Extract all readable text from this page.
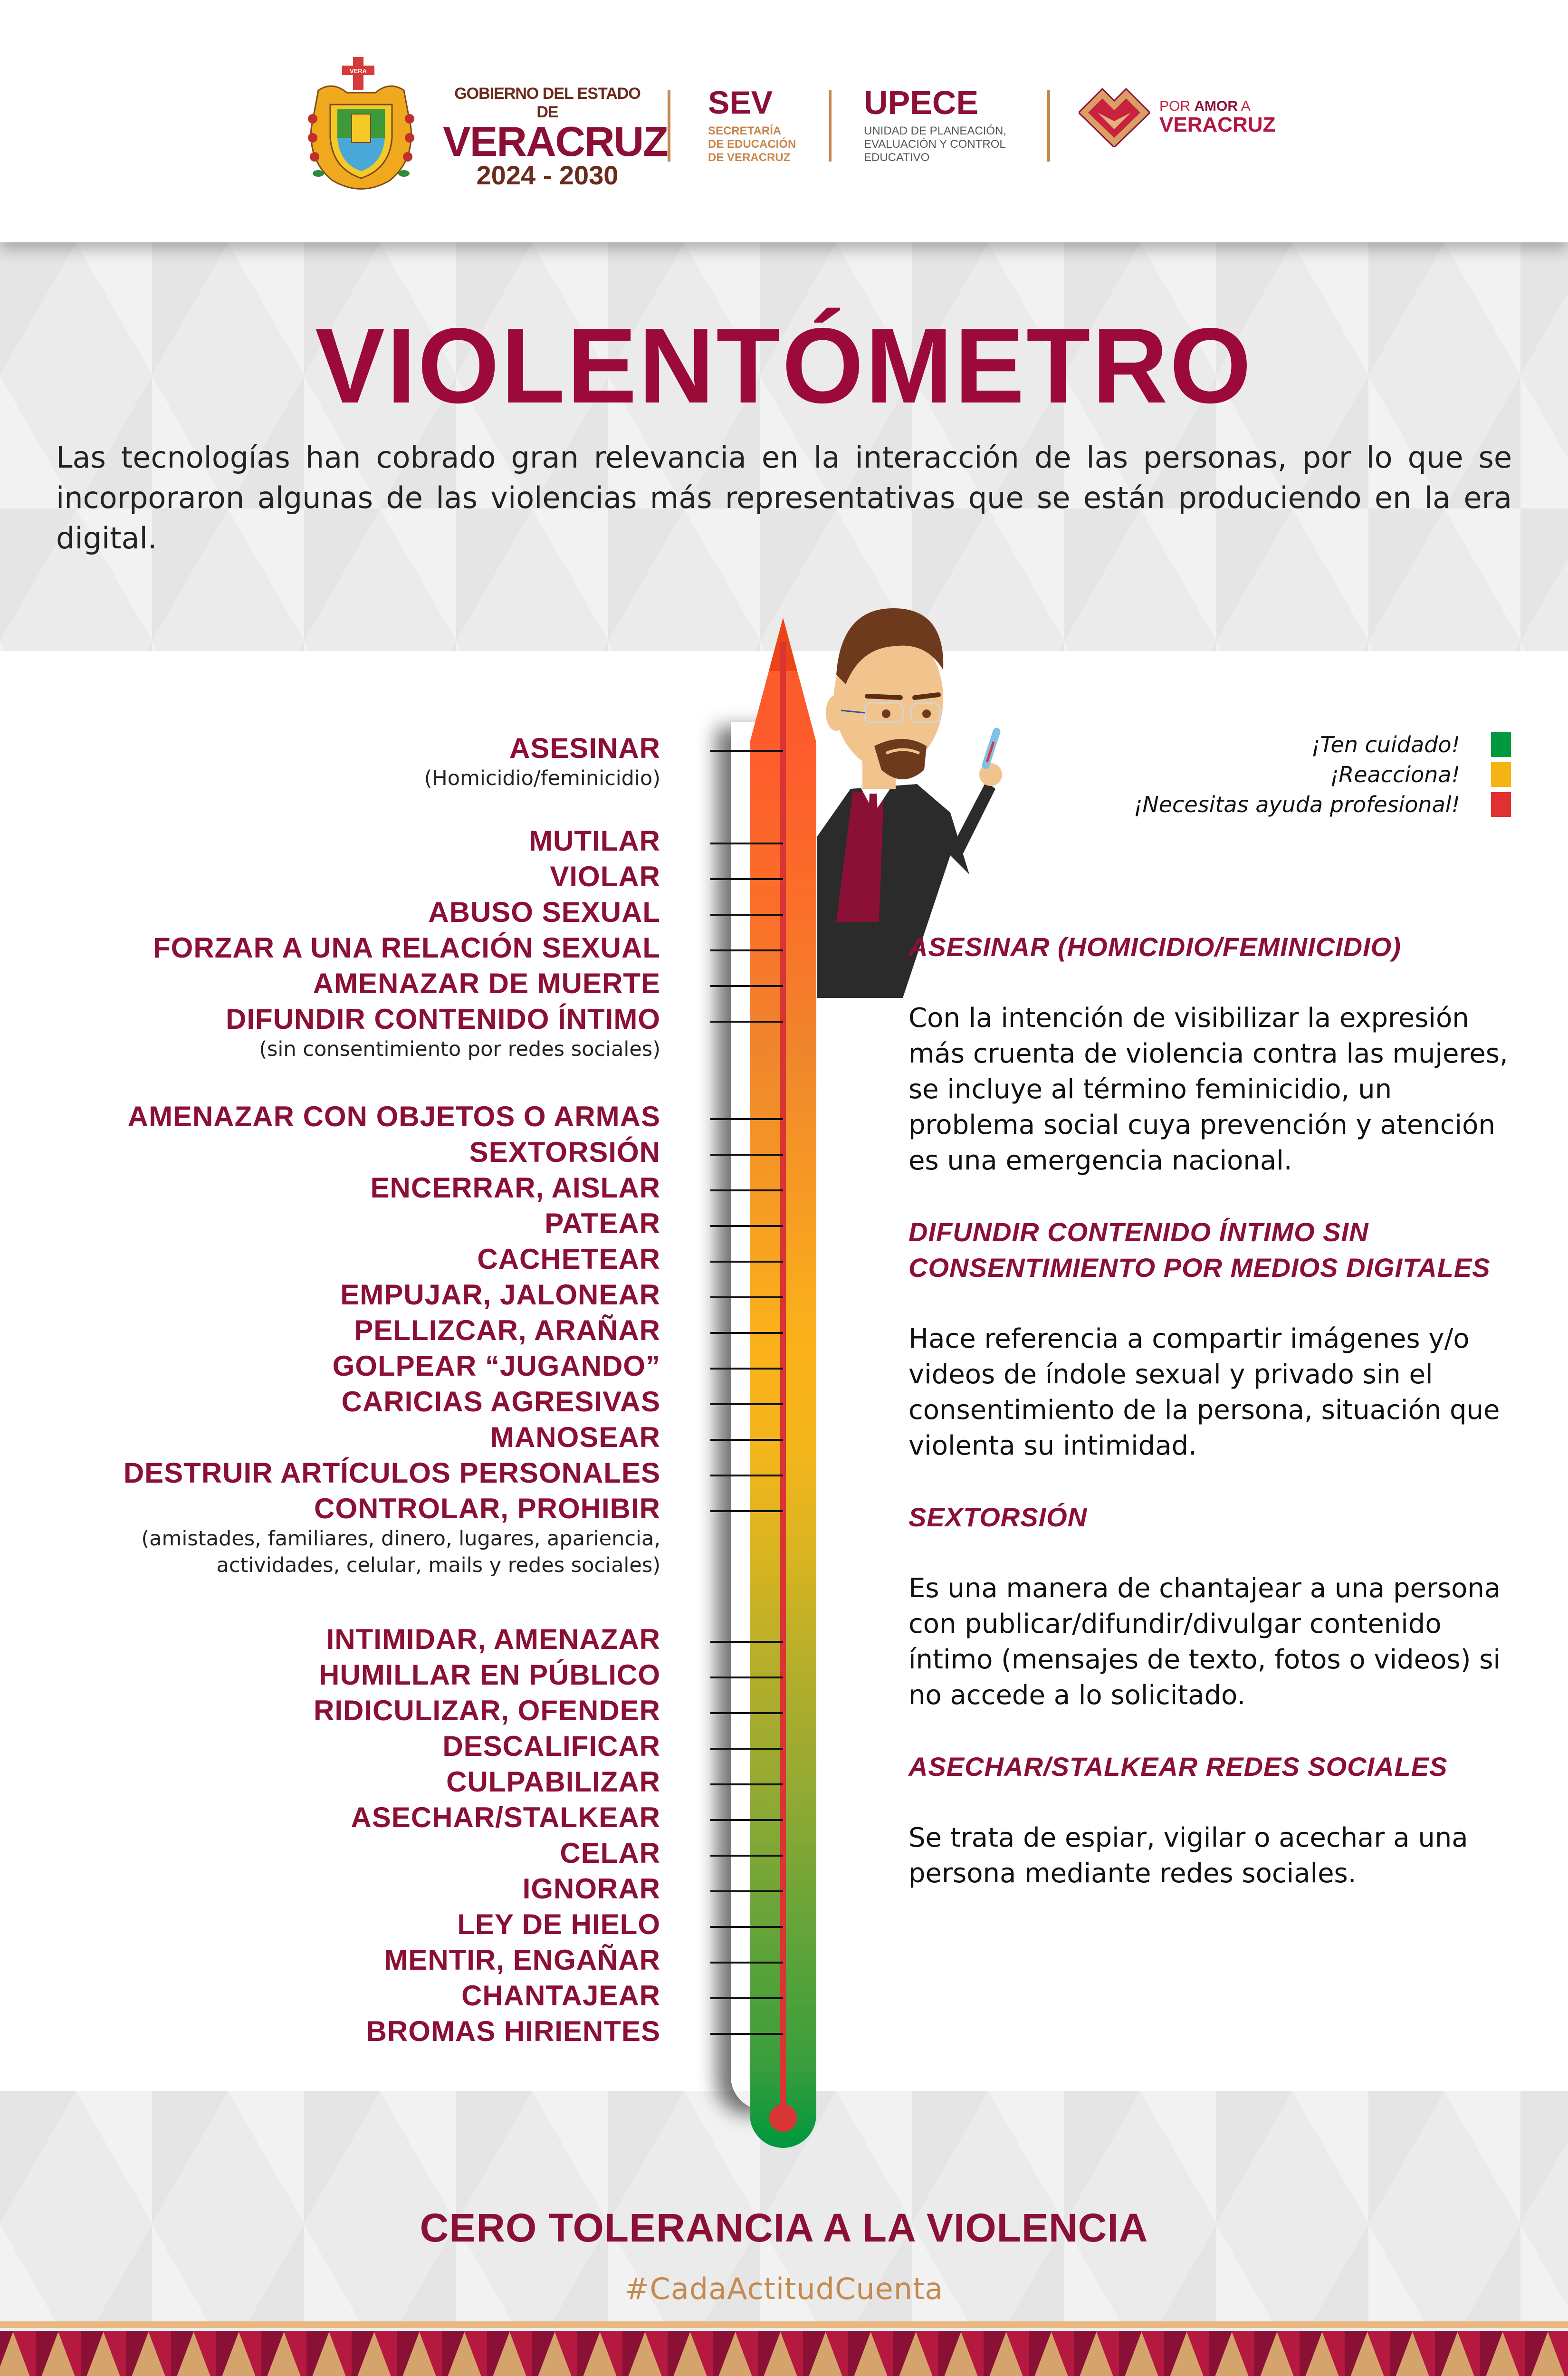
VERA
GOBIERNO DEL ESTADO DE
VERACRUZ
2024 - 2030
SEV
SECRETARÍA
DE EDUCACIÓN
DE VERACRUZ
UPECE
UNIDAD DE PLANEACIÓN,
EVALUACIÓN Y CONTROL
EDUCATIVO
POR AMOR A
VERACRUZ
VIOLENTÓMETRO

Las tecnologías han cobrado gran relevancia en la interacción de las personas, por lo que se incorporaron algunas de las violencias más representativas que se están produciendo en la era digital.

ASESINAR
(Homicidio/feminicidio)
MUTILAR
VIOLAR
ABUSO SEXUAL
FORZAR A UNA RELACIÓN SEXUAL
AMENAZAR DE MUERTE
DIFUNDIR CONTENIDO ÍNTIMO
(sin consentimiento por redes sociales)
AMENAZAR CON OBJETOS O ARMAS
SEXTORSIÓN
ENCERRAR, AISLAR
PATEAR
CACHETEAR
EMPUJAR, JALONEAR
PELLIZCAR, ARAÑAR
GOLPEAR “JUGANDO”
CARICIAS AGRESIVAS
MANOSEAR
DESTRUIR ARTÍCULOS PERSONALES
CONTROLAR, PROHIBIR
(amistades, familiares, dinero, lugares, apariencia, actividades, celular, mails y redes sociales)
INTIMIDAR, AMENAZAR
HUMILLAR EN PÚBLICO
RIDICULIZAR, OFENDER
DESCALIFICAR
CULPABILIZAR
ASECHAR/STALKEAR
CELAR
IGNORAR
LEY DE HIELO
MENTIR, ENGAÑAR
CHANTAJEAR
BROMAS HIRIENTES
¡Ten cuidado!
¡Reacciona!
¡Necesitas ayuda profesional!
ASESINAR (HOMICIDIO/FEMINICIDIO)
Con la intención de visibilizar la expresión más cruenta de violencia contra las mujeres, se incluye al término feminicidio, un problema social cuya prevención y atención es una emergencia nacional.
DIFUNDIR CONTENIDO ÍNTIMO SIN CONSENTIMIENTO POR MEDIOS DIGITALES
Hace referencia a compartir imágenes y/o videos de índole sexual y privado sin el consentimiento de la persona, situación que violenta su intimidad.
SEXTORSIÓN
Es una manera de chantajear a una persona con publicar/difundir/divulgar contenido íntimo (mensajes de texto, fotos o videos) si no accede a lo solicitado.
ASECHAR/STALKEAR REDES SOCIALES
Se trata de espiar, vigilar o acechar a una persona mediante redes sociales.
CERO TOLERANCIA A LA VIOLENCIA
#CadaActitudCuenta
